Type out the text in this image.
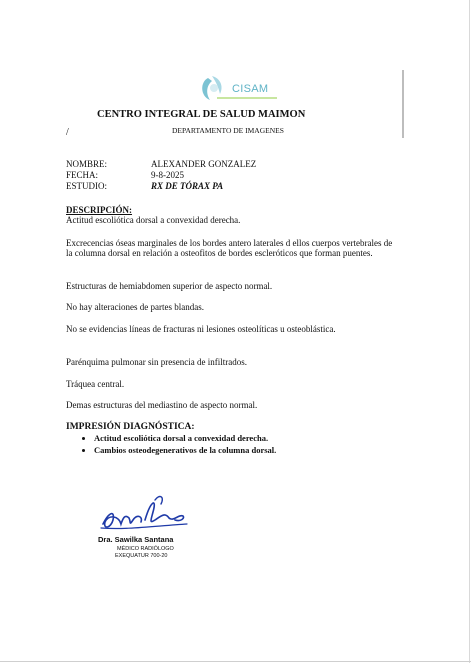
CISAM
CENTRO INTEGRAL DE SALUD MAIMON
/	DEPARTAMENTO DE IMAGENES
NOMBRE:	ALEXANDER GONZALEZ
FECHA:	9-8-2025
ESTUDIO:	RX DE TÓRAX PA
DESCRIPCIÓN:
Actitud escoliótica dorsal a convexidad derecha.
Excrecencias óseas marginales de los bordes antero laterales d ellos cuerpos vertebrales de la columna dorsal en relación a osteofitos de bordes escleróticos que forman puentes.
Estructuras de hemiabdomen superior de aspecto normal.
No hay alteraciones de partes blandas.
No se evidencias líneas de fracturas ni lesiones osteolíticas u osteoblástica.
Parénquima pulmonar sin presencia de infiltrados.
Tráquea central.
Demas estructuras del mediastino de aspecto normal.
IMPRESIÓN DIAGNÓSTICA:
• Actitud escoliótica dorsal a convexidad derecha.
• Cambios osteodegenerativos de la columna dorsal.
Dra. Sawilka Santana
MÉDICO RADIÓLOGO
EXEQUATUR 700-20
